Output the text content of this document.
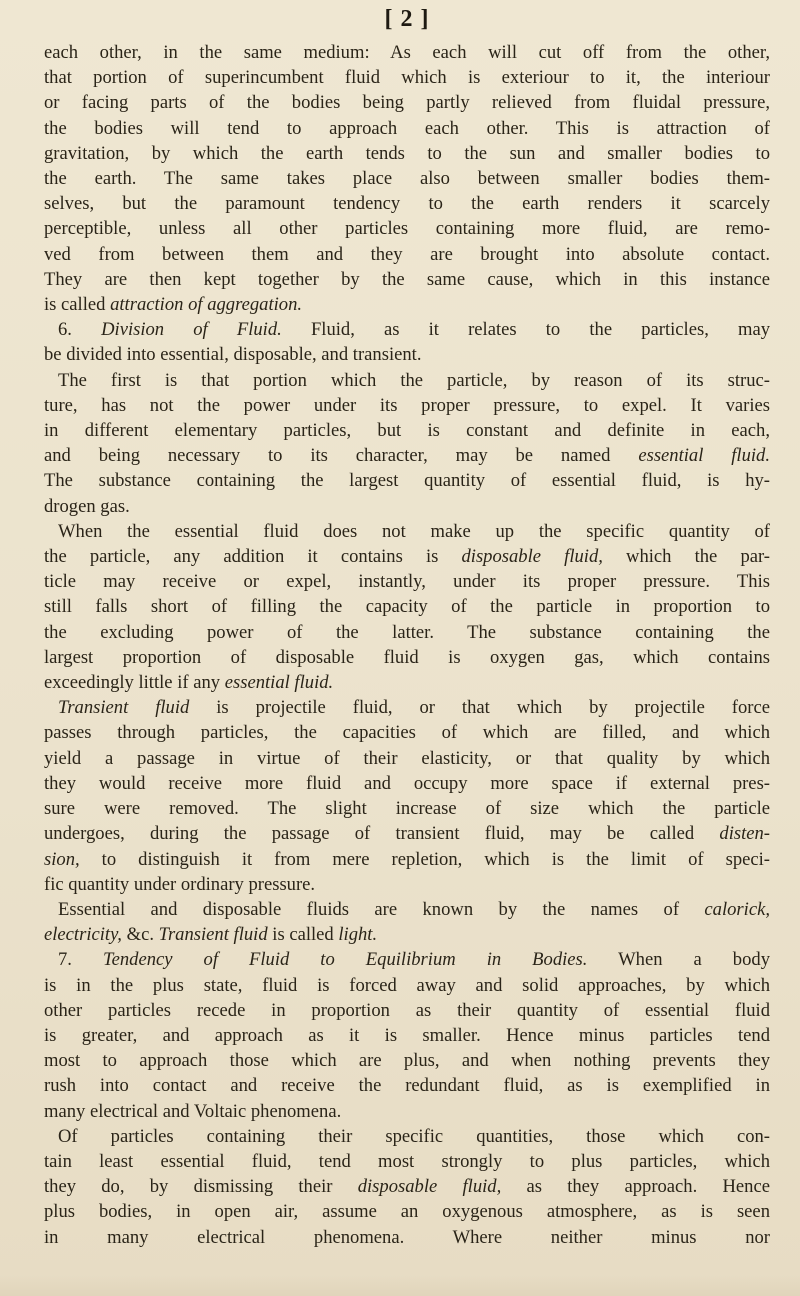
[ 2 ]
each other, in the same medium: As each will cut off from the other,
that portion of superincumbent fluid which is exteriour to it, the interiour
or facing parts of the bodies being partly relieved from fluidal pressure,
the bodies will tend to approach each other. This is attraction of
gravitation, by which the earth tends to the sun and smaller bodies to
the earth. The same takes place also between smaller bodies them-
selves, but the paramount tendency to the earth renders it scarcely
perceptible, unless all other particles containing more fluid, are remo-
ved from between them and they are brought into absolute contact.
They are then kept together by the same cause, which in this instance
is called attraction of aggregation.
6. Division of Fluid. Fluid, as it relates to the particles, may
be divided into essential, disposable, and transient.
The first is that portion which the particle, by reason of its struc-
ture, has not the power under its proper pressure, to expel. It varies
in different elementary particles, but is constant and definite in each,
and being necessary to its character, may be named essential fluid.
The substance containing the largest quantity of essential fluid, is hy-
drogen gas.
When the essential fluid does not make up the specific quantity of
the particle, any addition it contains is disposable fluid, which the par-
ticle may receive or expel, instantly, under its proper pressure. This
still falls short of filling the capacity of the particle in proportion to
the excluding power of the latter. The substance containing the
largest proportion of disposable fluid is oxygen gas, which contains
exceedingly little if any essential fluid.
Transient fluid is projectile fluid, or that which by projectile force
passes through particles, the capacities of which are filled, and which
yield a passage in virtue of their elasticity, or that quality by which
they would receive more fluid and occupy more space if external pres-
sure were removed. The slight increase of size which the particle
undergoes, during the passage of transient fluid, may be called disten-
sion, to distinguish it from mere repletion, which is the limit of speci-
fic quantity under ordinary pressure.
Essential and disposable fluids are known by the names of calorick,
electricity, &c. Transient fluid is called light.
7. Tendency of Fluid to Equilibrium in Bodies. When a body
is in the plus state, fluid is forced away and solid approaches, by which
other particles recede in proportion as their quantity of essential fluid
is greater, and approach as it is smaller. Hence minus particles tend
most to approach those which are plus, and when nothing prevents they
rush into contact and receive the redundant fluid, as is exemplified in
many electrical and Voltaic phenomena.
Of particles containing their specific quantities, those which con-
tain least essential fluid, tend most strongly to plus particles, which
they do, by dismissing their disposable fluid, as they approach. Hence
plus bodies, in open air, assume an oxygenous atmosphere, as is seen
in many electrical phenomena. Where neither minus nor
